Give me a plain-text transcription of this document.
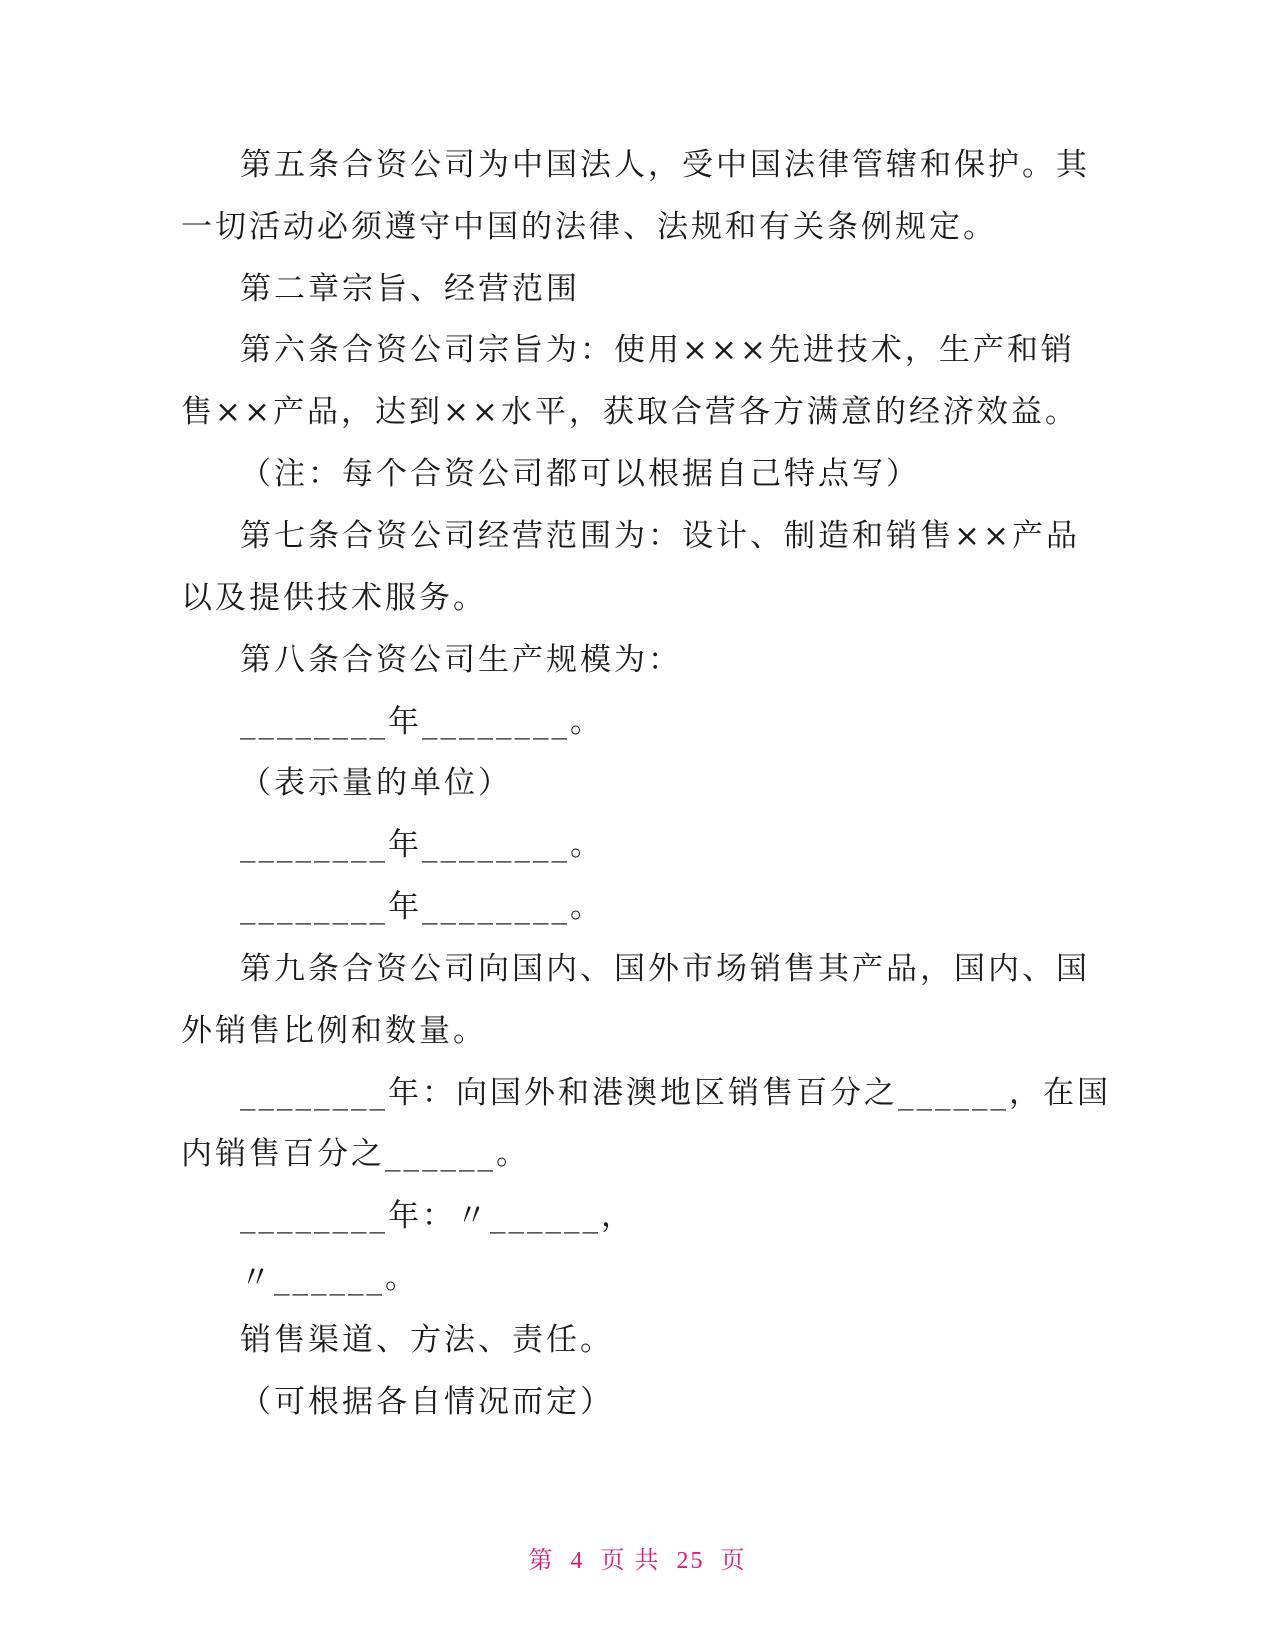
第五条合资公司为中国法人，受中国法律管辖和保护。其
一切活动必须遵守中国的法律、法规和有关条例规定。
第二章宗旨、经营范围
第六条合资公司宗旨为：使用×××先进技术，生产和销
售××产品，达到××水平，获取合营各方满意的经济效益。
（注：每个合资公司都可以根据自己特点写）
第七条合资公司经营范围为：设计、制造和销售××产品
以及提供技术服务。
第八条合资公司生产规模为：
________年________。
（表示量的单位）
________年________。
________年________。
第九条合资公司向国内、国外市场销售其产品，国内、国
外销售比例和数量。
________年：向国外和港澳地区销售百分之______，在国
内销售百分之______。
________年：〃______，
〃______。
销售渠道、方法、责任。
（可根据各自情况而定）
第 4 页 共 25 页
